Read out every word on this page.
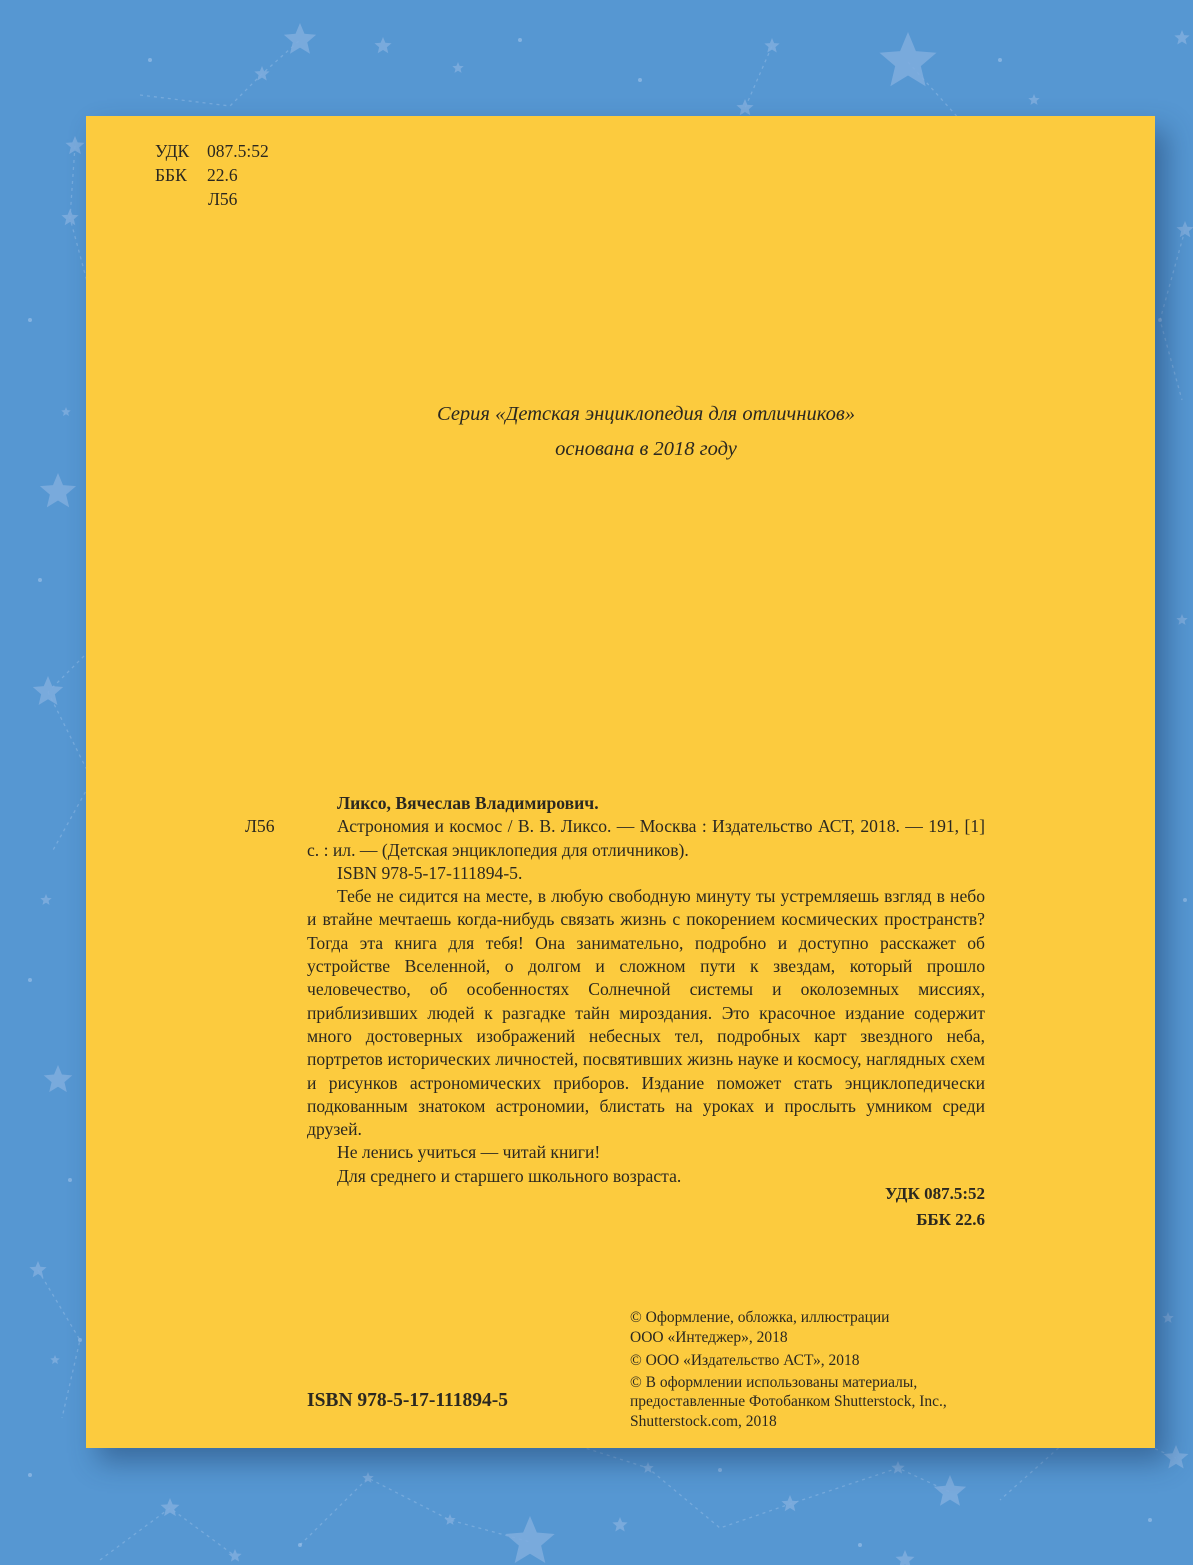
УДК 087.5:52
ББК 22.6
Л56
Серия «Детская энциклопедия для отличников»
основана в 2018 году

Ликсо, Вячеслав Владимирович.

Л56	Астрономия и космос / В. В. Ликсо. — Москва : Издательство АСТ, 2018. — 191, [1] с. : ил. — (Детская энциклопедия для отличников).

ISBN 978-5-17-111894-5.

Тебе не сидится на месте, в любую свободную минуту ты устремляешь взгляд в небо и втайне мечтаешь когда-нибудь связать жизнь с покорением космических пространств? Тогда эта книга для тебя! Она занимательно, подробно и доступно расскажет об устройстве Вселенной, о долгом и сложном пути к звездам, который прошло человечество, об особенностях Солнечной системы и околоземных миссиях, приблизивших людей к разгадке тайн мироздания. Это красочное издание содержит много достоверных изображений небесных тел, подробных карт звездного неба, портретов исторических личностей, посвятивших жизнь науке и космосу, наглядных схем и рисунков астрономических приборов. Издание поможет стать энциклопедически подкованным знатоком астрономии, блистать на уроках и прослыть умником среди друзей.

Не ленись учиться — читай книги!

Для среднего и старшего школьного возраста.

УДК 087.5:52
ББК 22.6
© Оформление, обложка, иллюстрации
ООО «Интеджер», 2018
© ООО «Издательство АСТ», 2018
© В оформлении использованы материалы,
предоставленные Фотобанком Shutterstock, Inc.,
Shutterstock.com, 2018
ISBN 978-5-17-111894-5
